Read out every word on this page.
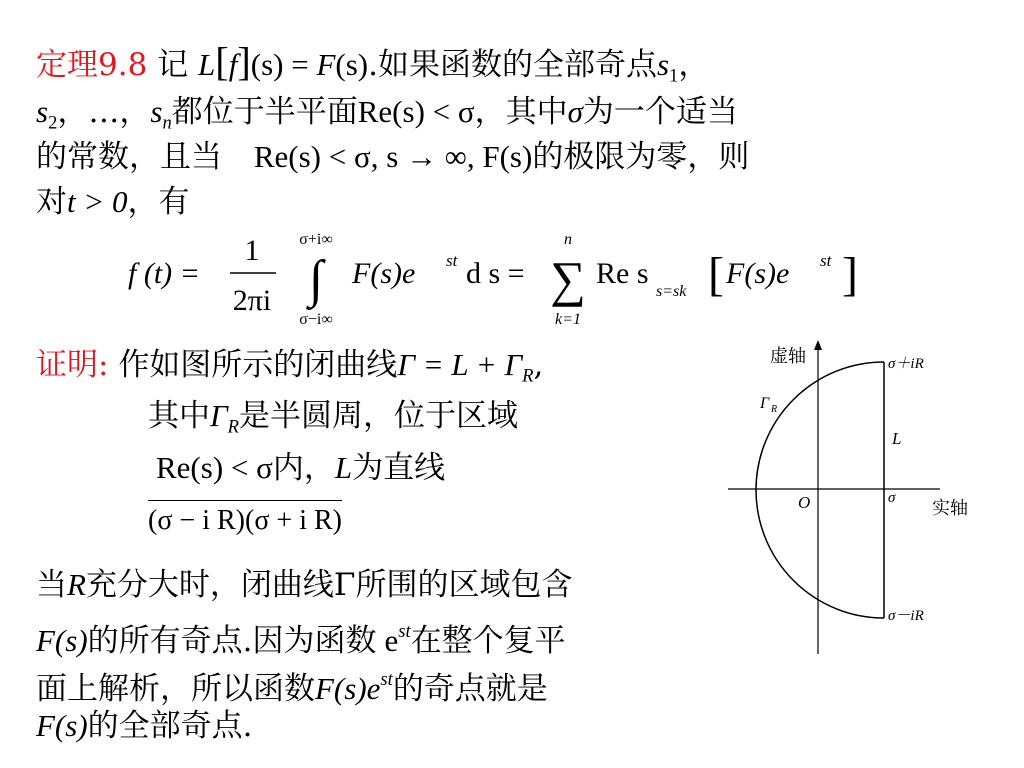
定理9.8 记 L[f](s) = F(s).如果函数的全部奇点$s_1$，
$s_2$，…，$s_n$都位于半平面Re(s) < σ，其中σ为一个适当
的常数，且当 Re(s) < σ, s → ∞, F(s)的极限为零，则
对t > 0，有
f (t) =
1
2πi
σ+i∞
∫
σ−i∞
F(s)e st d s =
n
∑
k=1
Re s
s=sk [ F(s)e st ]
证明: 作如图所示的闭曲线$\Gamma = L + \Gamma_R$,
其中$\Gamma_R$是半圆周，位于区域
Re(s) < σ内，L为直线
(σ − i R)(σ + i R)
当R充分大时，闭曲线Γ所围的区域包含
F(s)的所有奇点.因为函数 $e^{st}$在整个复平
面上解析，所以函数$F(s)e^{st}$的奇点就是
F(s)的全部奇点.
虚轴
实轴
O	σ
σ＋iR
σ－iR
Γ R
L
